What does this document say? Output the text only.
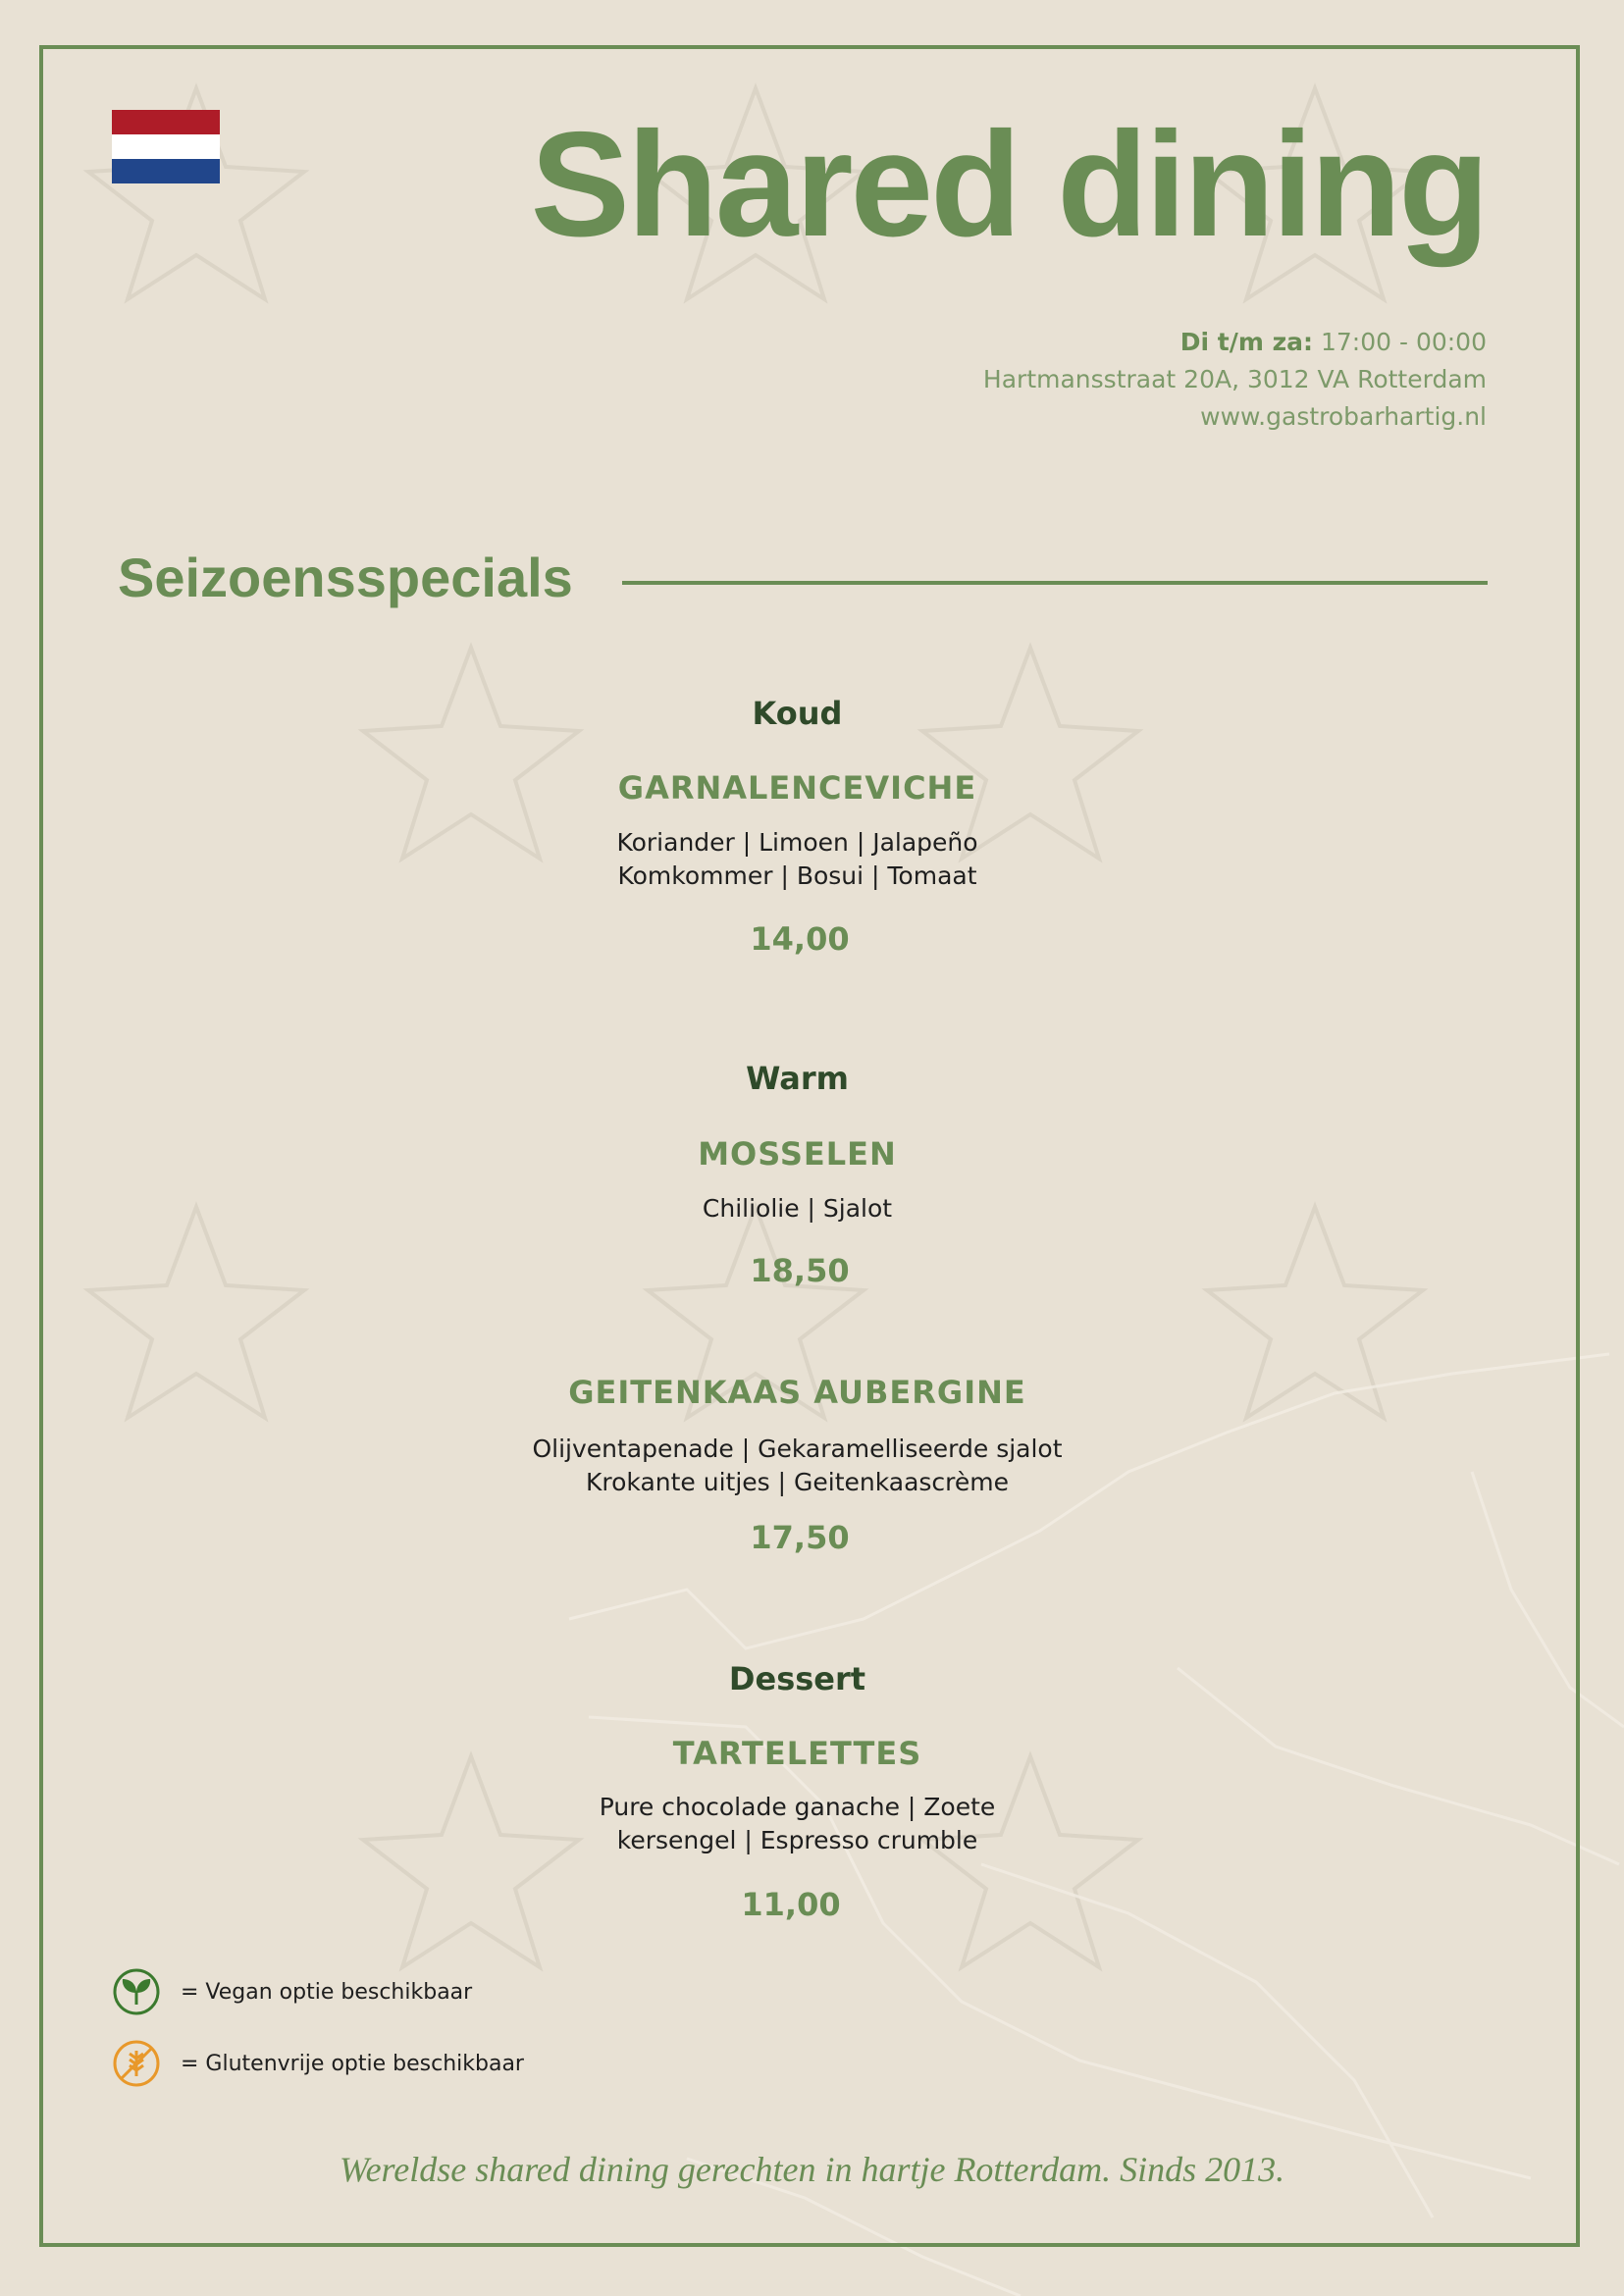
Shared dining
Di t/m za: 17:00 - 00:00
Hartmansstraat 20A, 3012 VA Rotterdam
www.gastrobarhartig.nl
Seizoensspecials
Koud
GARNALENCEVICHE
Koriander | Limoen | Jalapeño
Komkommer | Bosui | Tomaat
14,00
Warm
MOSSELEN
Chiliolie | Sjalot
18,50
GEITENKAAS AUBERGINE
Olijventapenade | Gekaramelliseerde sjalot
Krokante uitjes | Geitenkaascrème
17,50
Dessert
TARTELETTES
Pure chocolade ganache | Zoete
kersengel | Espresso crumble
11,00
= Vegan optie beschikbaar
= Glutenvrije optie beschikbaar
Wereldse shared dining gerechten in hartje Rotterdam. Sinds 2013.
